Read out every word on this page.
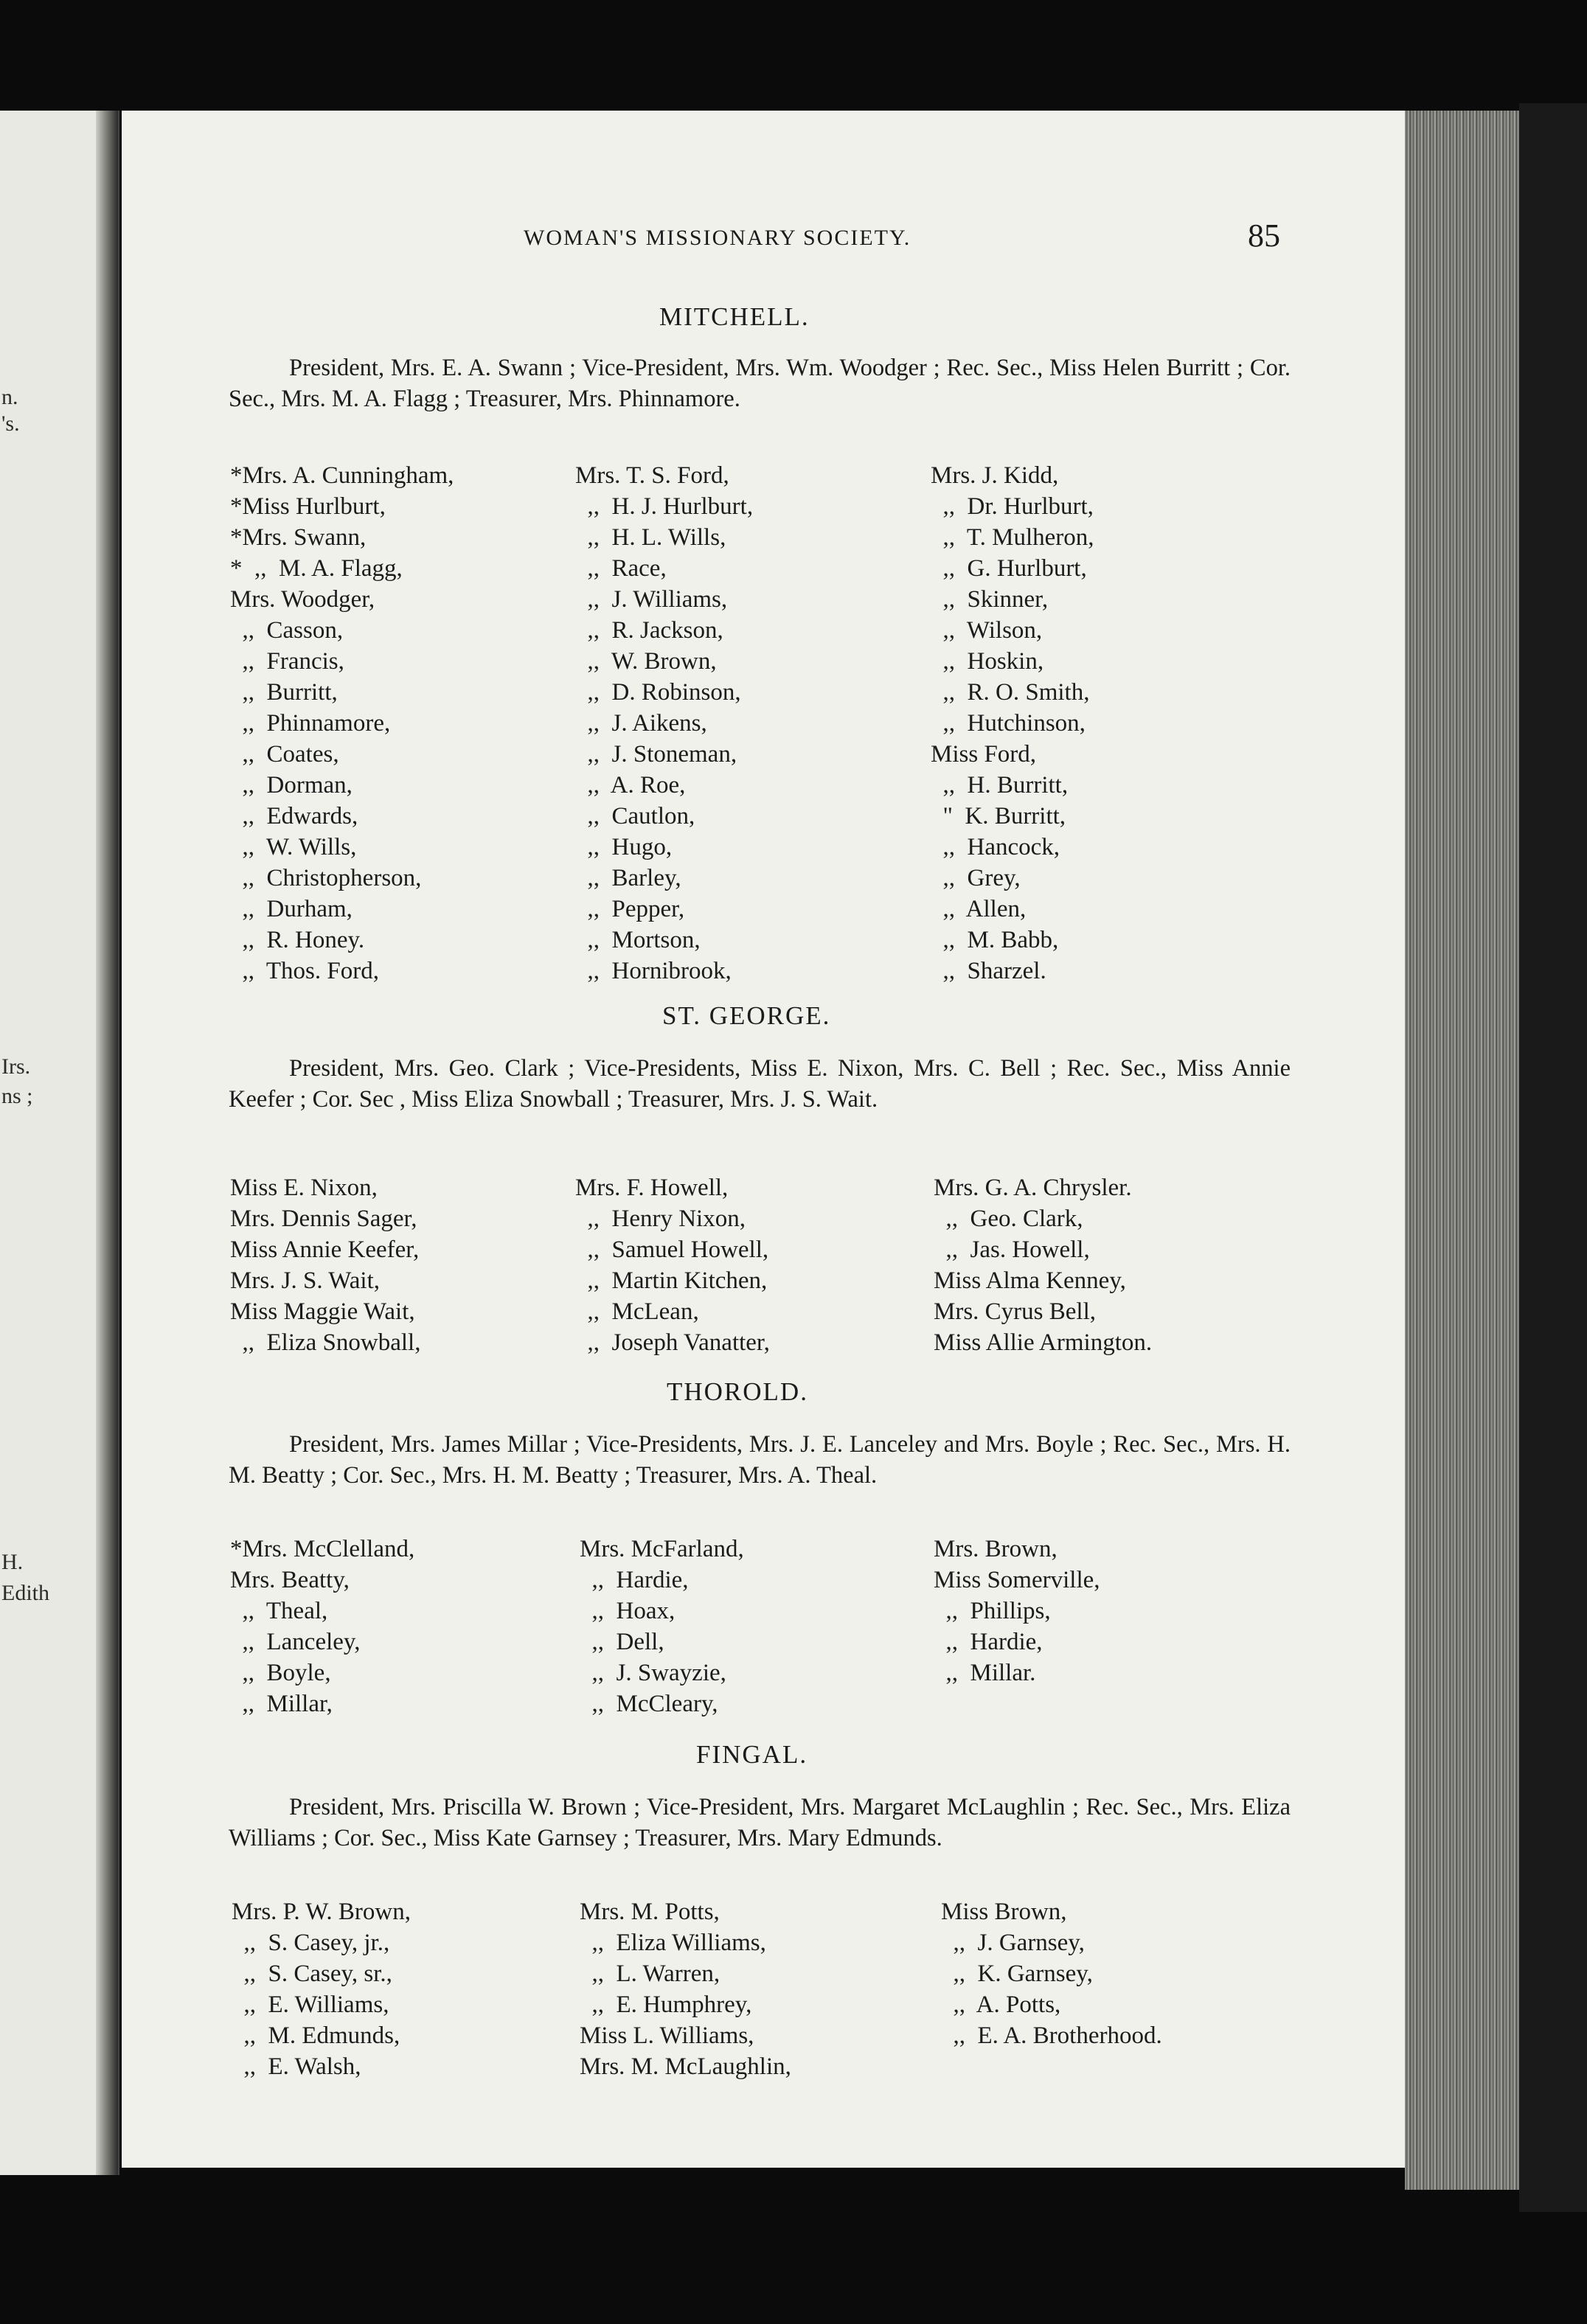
n.
's.
Irs.
ns ;
H.
Edith
WOMAN'S MISSIONARY SOCIETY.	85
MITCHELL.
President, Mrs. E. A. Swann ; Vice-President, Mrs. Wm. Woodger ; Rec. Sec., Miss Helen Burritt ; Cor. Sec., Mrs. M. A. Flagg ; Treasurer, Mrs. Phinnamore.
*Mrs. A. Cunningham,
*Miss Hurlburt,
*Mrs. Swann,
*  ,,  M. A. Flagg,
Mrs. Woodger,
,,  Casson,
,,  Francis,
,,  Burritt,
,,  Phinnamore,
,,  Coates,
,,  Dorman,
,,  Edwards,
,,  W. Wills,
,,  Christopherson,
,,  Durham,
,,  R. Honey.
,,  Thos. Ford,
Mrs. T. S. Ford,
,,  H. J. Hurlburt,
,,  H. L. Wills,
,,  Race,
,,  J. Williams,
,,  R. Jackson,
,,  W. Brown,
,,  D. Robinson,
,,  J. Aikens,
,,  J. Stoneman,
,,  A. Roe,
,,  Cautlon,
,,  Hugo,
,,  Barley,
,,  Pepper,
,,  Mortson,
,,  Hornibrook,
Mrs. J. Kidd,
,,  Dr. Hurlburt,
,,  T. Mulheron,
,,  G. Hurlburt,
,,  Skinner,
,,  Wilson,
,,  Hoskin,
,,  R. O. Smith,
,,  Hutchinson,
Miss Ford,
,,  H. Burritt,
"  K. Burritt,
,,  Hancock,
,,  Grey,
,,  Allen,
,,  M. Babb,
,,  Sharzel.
ST. GEORGE.
President, Mrs. Geo. Clark ; Vice-Presidents, Miss E. Nixon, Mrs. C. Bell ; Rec. Sec., Miss Annie Keefer ; Cor. Sec , Miss Eliza Snowball ; Treasurer, Mrs. J. S. Wait.
Miss E. Nixon,
Mrs. Dennis Sager,
Miss Annie Keefer,
Mrs. J. S. Wait,
Miss Maggie Wait,
,,  Eliza Snowball,
Mrs. F. Howell,
,,  Henry Nixon,
,,  Samuel Howell,
,,  Martin Kitchen,
,,  McLean,
,,  Joseph Vanatter,
Mrs. G. A. Chrysler.
,,  Geo. Clark,
,,  Jas. Howell,
Miss Alma Kenney,
Mrs. Cyrus Bell,
Miss Allie Armington.
THOROLD.
President, Mrs. James Millar ; Vice-Presidents, Mrs. J. E. Lanceley and Mrs. Boyle ; Rec. Sec., Mrs. H. M. Beatty ; Cor. Sec., Mrs. H. M. Beatty ; Treasurer, Mrs. A. Theal.
*Mrs. McClelland,
Mrs. Beatty,
,,  Theal,
,,  Lanceley,
,,  Boyle,
,,  Millar,
Mrs. McFarland,
,,  Hardie,
,,  Hoax,
,,  Dell,
,,  J. Swayzie,
,,  McCleary,
Mrs. Brown,
Miss Somerville,
,,  Phillips,
,,  Hardie,
,,  Millar.
FINGAL.
President, Mrs. Priscilla W. Brown ; Vice-President, Mrs. Margaret McLaughlin ; Rec. Sec., Mrs. Eliza Williams ; Cor. Sec., Miss Kate Garnsey ; Treasurer, Mrs. Mary Edmunds.
Mrs. P. W. Brown,
,,  S. Casey, jr.,
,,  S. Casey, sr.,
,,  E. Williams,
,,  M. Edmunds,
,,  E. Walsh,
Mrs. M. Potts,
,,  Eliza Williams,
,,  L. Warren,
,,  E. Humphrey,
Miss L. Williams,
Mrs. M. McLaughlin,
Miss Brown,
,,  J. Garnsey,
,,  K. Garnsey,
,,  A. Potts,
,,  E. A. Brotherhood.
